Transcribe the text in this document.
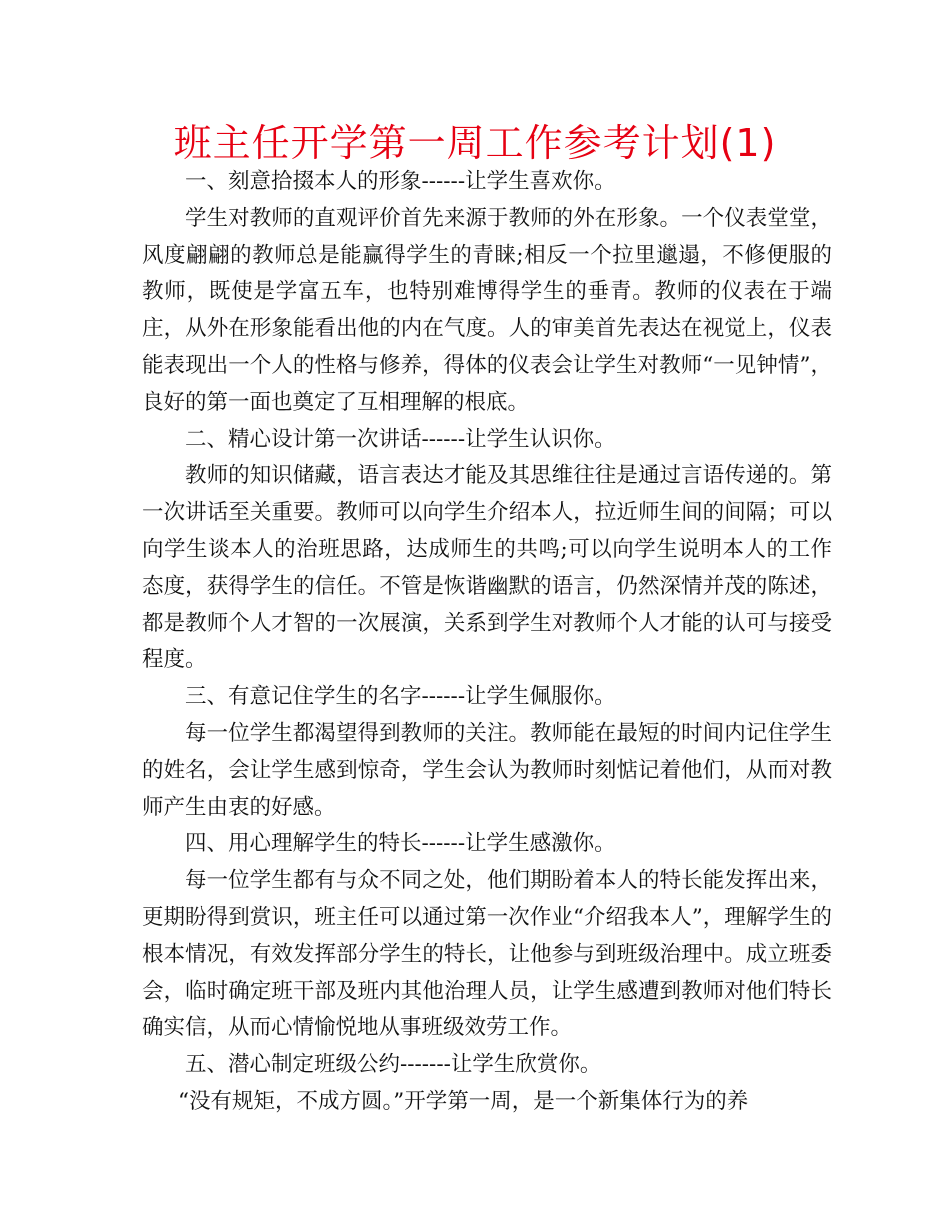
班主任开学第一周工作参考计划(1)

一、刻意拾掇本人的形象------让学生喜欢你。

学生对教师的直观评价首先来源于教师的外在形象。一个仪表堂堂，风度翩翩的教师总是能赢得学生的青睐;相反一个拉里邋遢，不修便服的教师，既使是学富五车，也特别难博得学生的垂青。教师的仪表在于端庄，从外在形象能看出他的内在气度。人的审美首先表达在视觉上，仪表能表现出一个人的性格与修养，得体的仪表会让学生对教师“一见钟情”，良好的第一面也奠定了互相理解的根底。

二、精心设计第一次讲话------让学生认识你。

教师的知识储藏，语言表达才能及其思维往往是通过言语传递的。第一次讲话至关重要。教师可以向学生介绍本人，拉近师生间的间隔；可以向学生谈本人的治班思路，达成师生的共鸣;可以向学生说明本人的工作态度，获得学生的信任。不管是恢谐幽默的语言，仍然深情并茂的陈述，都是教师个人才智的一次展演，关系到学生对教师个人才能的认可与接受程度。

三、有意记住学生的名字------让学生佩服你。

每一位学生都渴望得到教师的关注。教师能在最短的时间内记住学生的姓名，会让学生感到惊奇，学生会认为教师时刻惦记着他们，从而对教师产生由衷的好感。

四、用心理解学生的特长------让学生感激你。

每一位学生都有与众不同之处，他们期盼着本人的特长能发挥出来，更期盼得到赏识，班主任可以通过第一次作业“介绍我本人”，理解学生的根本情况，有效发挥部分学生的特长，让他参与到班级治理中。成立班委会，临时确定班干部及班内其他治理人员，让学生感遭到教师对他们特长确实信，从而心情愉悦地从事班级效劳工作。

五、潜心制定班级公约-------让学生欣赏你。

“没有规矩，不成方圆。”开学第一周，是一个新集体行为的养
